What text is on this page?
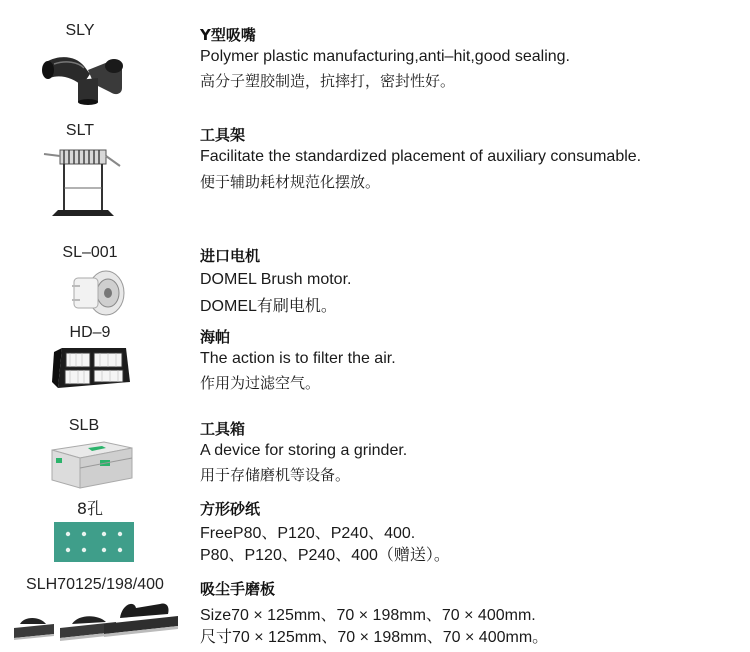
SLY	Y型吸嘴
Polymer plastic manufacturing,anti–hit,good sealing.
高分子塑胶制造，抗摔打，密封性好。
SLT	工具架
Facilitate the standardized placement of auxiliary consumable.
便于辅助耗材规范化摆放。
SL–001	进口电机
DOMEL Brush motor.
DOMEL有刷电机。
HD–9	海帕
The action is to filter the air.
作用为过滤空气。
SLB	工具箱
A device for storing a grinder.
用于存储磨机等设备。
8孔	方形砂纸
FreeP80、P120、P240、400.
P80、P120、P240、400（赠送）。
SLH70125/198/400	吸尘手磨板
Size70 × 125mm、70 × 198mm、70 × 400mm.
尺寸70 × 125mm、70 × 198mm、70 × 400mm。
